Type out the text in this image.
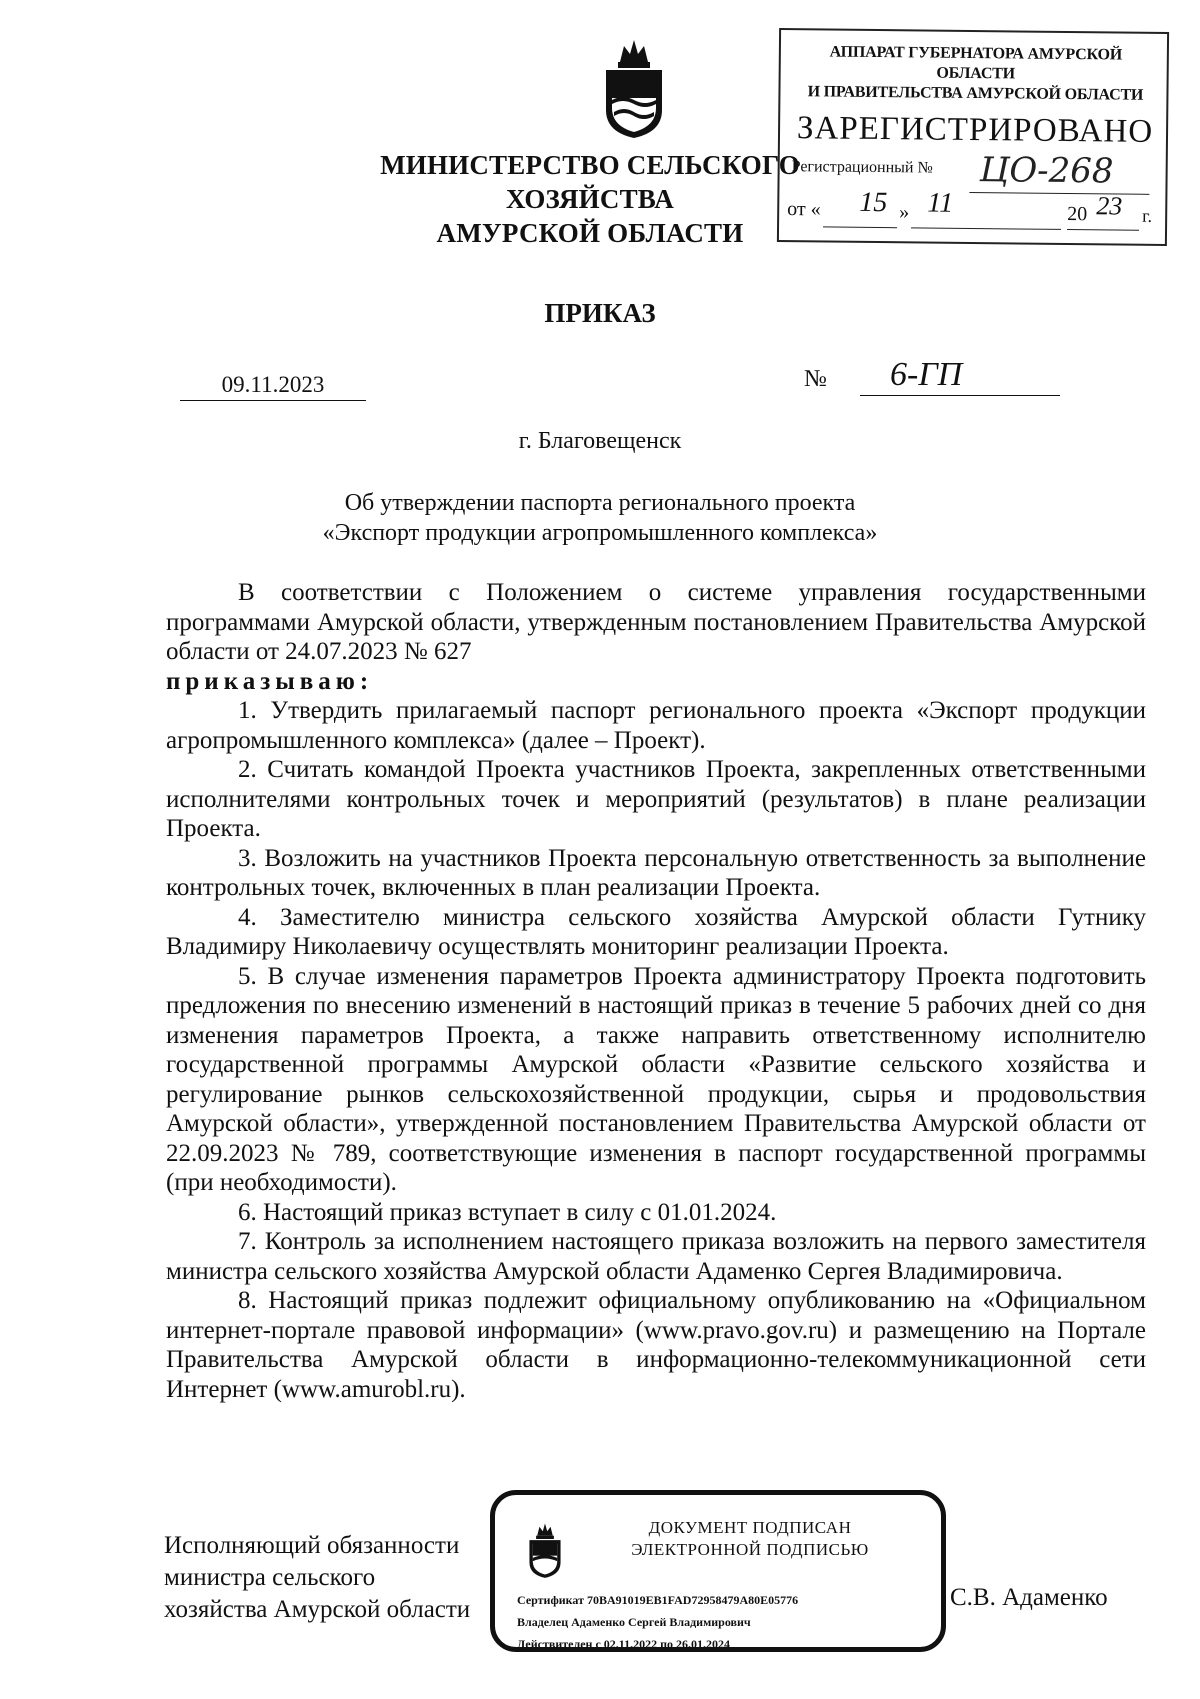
МИНИСТЕРСТВО СЕЛЬСКОГО ХОЗЯЙСТВА
АМУРСКОЙ ОБЛАСТИ
АППАРАТ ГУБЕРНАТОРА АМУРСКОЙ ОБЛАСТИ
И ПРАВИТЕЛЬСТВА АМУРСКОЙ ОБЛАСТИ
ЗАРЕГИСТРИРОВАНО
Регистрационный № ЦО-268
от « 15 » 11	20 23 г.
ПРИКАЗ
09.11.2023	№	6-ГП
г. Благовещенск
Об утверждении паспорта регионального проекта
«Экспорт продукции агропромышленного комплекса»

В соответствии с Положением о системе управления государственными программами Амурской области, утвержденным постановлением Правительства Амурской области от 24.07.2023 № 627

приказываю:

1. Утвердить прилагаемый паспорт регионального проекта «Экспорт продукции агропромышленного комплекса» (далее – Проект).

2. Считать командой Проекта участников Проекта, закрепленных ответственными исполнителями контрольных точек и мероприятий (результатов) в плане реализации Проекта.

3. Возложить на участников Проекта персональную ответственность за выполнение контрольных точек, включенных в план реализации Проекта.

4. Заместителю министра сельского хозяйства Амурской области Гутнику Владимиру Николаевичу осуществлять мониторинг реализации Проекта.

5. В случае изменения параметров Проекта администратору Проекта подготовить предложения по внесению изменений в настоящий приказ в течение 5 рабочих дней со дня изменения параметров Проекта, а также направить ответственному исполнителю государственной программы Амурской области «Развитие сельского хозяйства и регулирование рынков сельскохозяйственной продукции, сырья и продовольствия Амурской области», утвержденной постановлением Правительства Амурской области от 22.09.2023 № 789, соответствующие изменения в паспорт государственной программы (при необходимости).

6. Настоящий приказ вступает в силу с 01.01.2024.

7. Контроль за исполнением настоящего приказа возложить на первого заместителя министра сельского хозяйства Амурской области Адаменко Сергея Владимировича.

8. Настоящий приказ подлежит официальному опубликованию на «Официальном интернет-портале правовой информации» (www.pravo.gov.ru) и размещению на Портале Правительства Амурской области в информационно-телекоммуникационной сети Интернет (www.amurobl.ru).

Исполняющий обязанности
министра сельского
хозяйства Амурской области
ДОКУМЕНТ ПОДПИСАН
ЭЛЕКТРОННОЙ ПОДПИСЬЮ
Сертификат 70BA91019EB1FAD72958479A80E05776
Владелец Адаменко Сергей Владимирович
Действителен с 02.11.2022 по 26.01.2024
С.В. Адаменко
